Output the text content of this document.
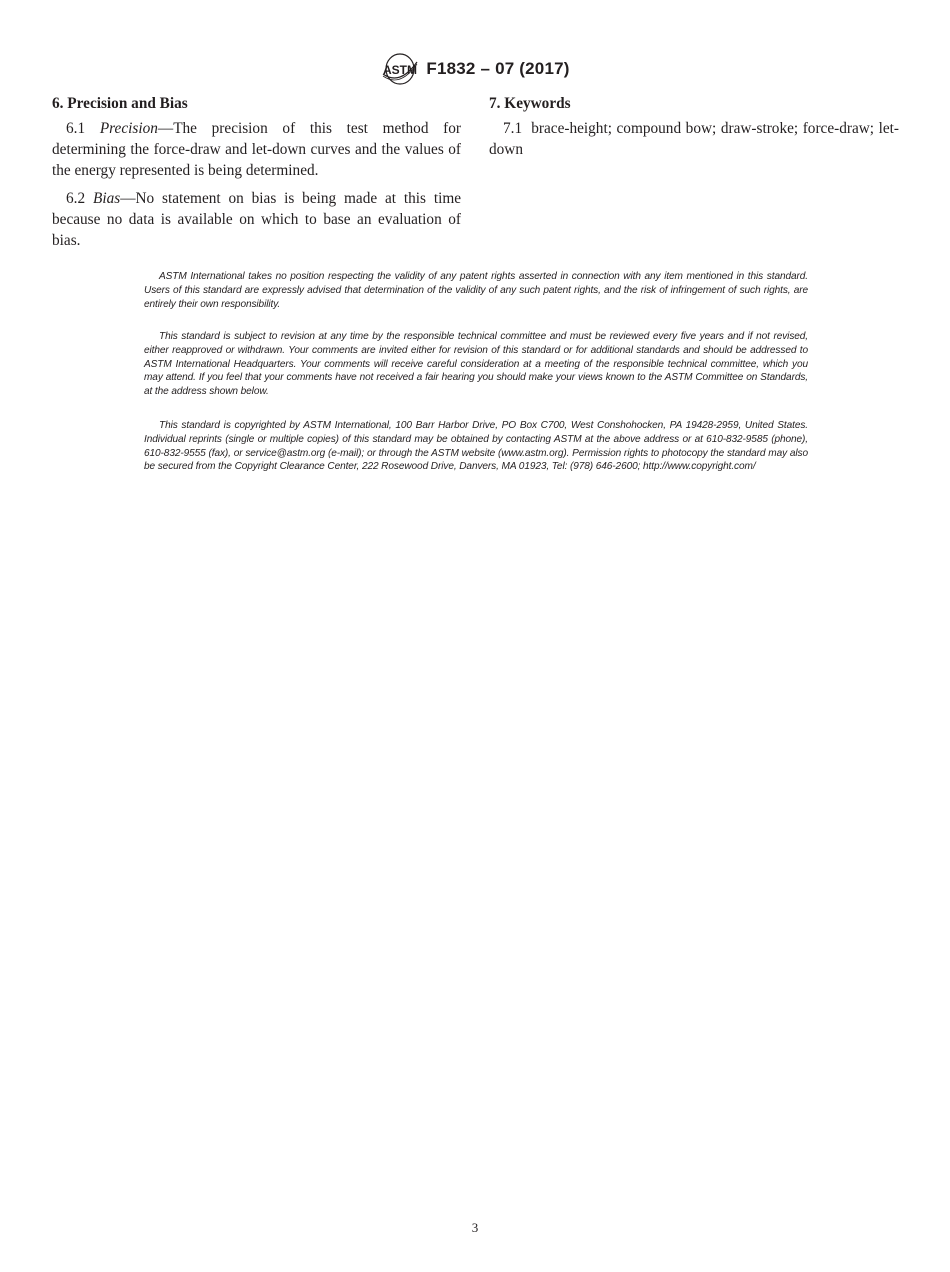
ASTM F1832 – 07 (2017)
6. Precision and Bias

6.1 Precision—The precision of this test method for determining the force-draw and let-down curves and the values of the energy represented is being determined.

6.2 Bias—No statement on bias is being made at this time because no data is available on which to base an evaluation of bias.

7. Keywords

7.1 brace-height; compound bow; draw-stroke; force-draw; let-down

ASTM International takes no position respecting the validity of any patent rights asserted in connection with any item mentioned in this standard. Users of this standard are expressly advised that determination of the validity of any such patent rights, and the risk of infringement of such rights, are entirely their own responsibility.

This standard is subject to revision at any time by the responsible technical committee and must be reviewed every five years and if not revised, either reapproved or withdrawn. Your comments are invited either for revision of this standard or for additional standards and should be addressed to ASTM International Headquarters. Your comments will receive careful consideration at a meeting of the responsible technical committee, which you may attend. If you feel that your comments have not received a fair hearing you should make your views known to the ASTM Committee on Standards, at the address shown below.

This standard is copyrighted by ASTM International, 100 Barr Harbor Drive, PO Box C700, West Conshohocken, PA 19428-2959, United States. Individual reprints (single or multiple copies) of this standard may be obtained by contacting ASTM at the above address or at 610-832-9585 (phone), 610-832-9555 (fax), or service@astm.org (e-mail); or through the ASTM website (www.astm.org). Permission rights to photocopy the standard may also be secured from the Copyright Clearance Center, 222 Rosewood Drive, Danvers, MA 01923, Tel: (978) 646-2600; http://www.copyright.com/

3
